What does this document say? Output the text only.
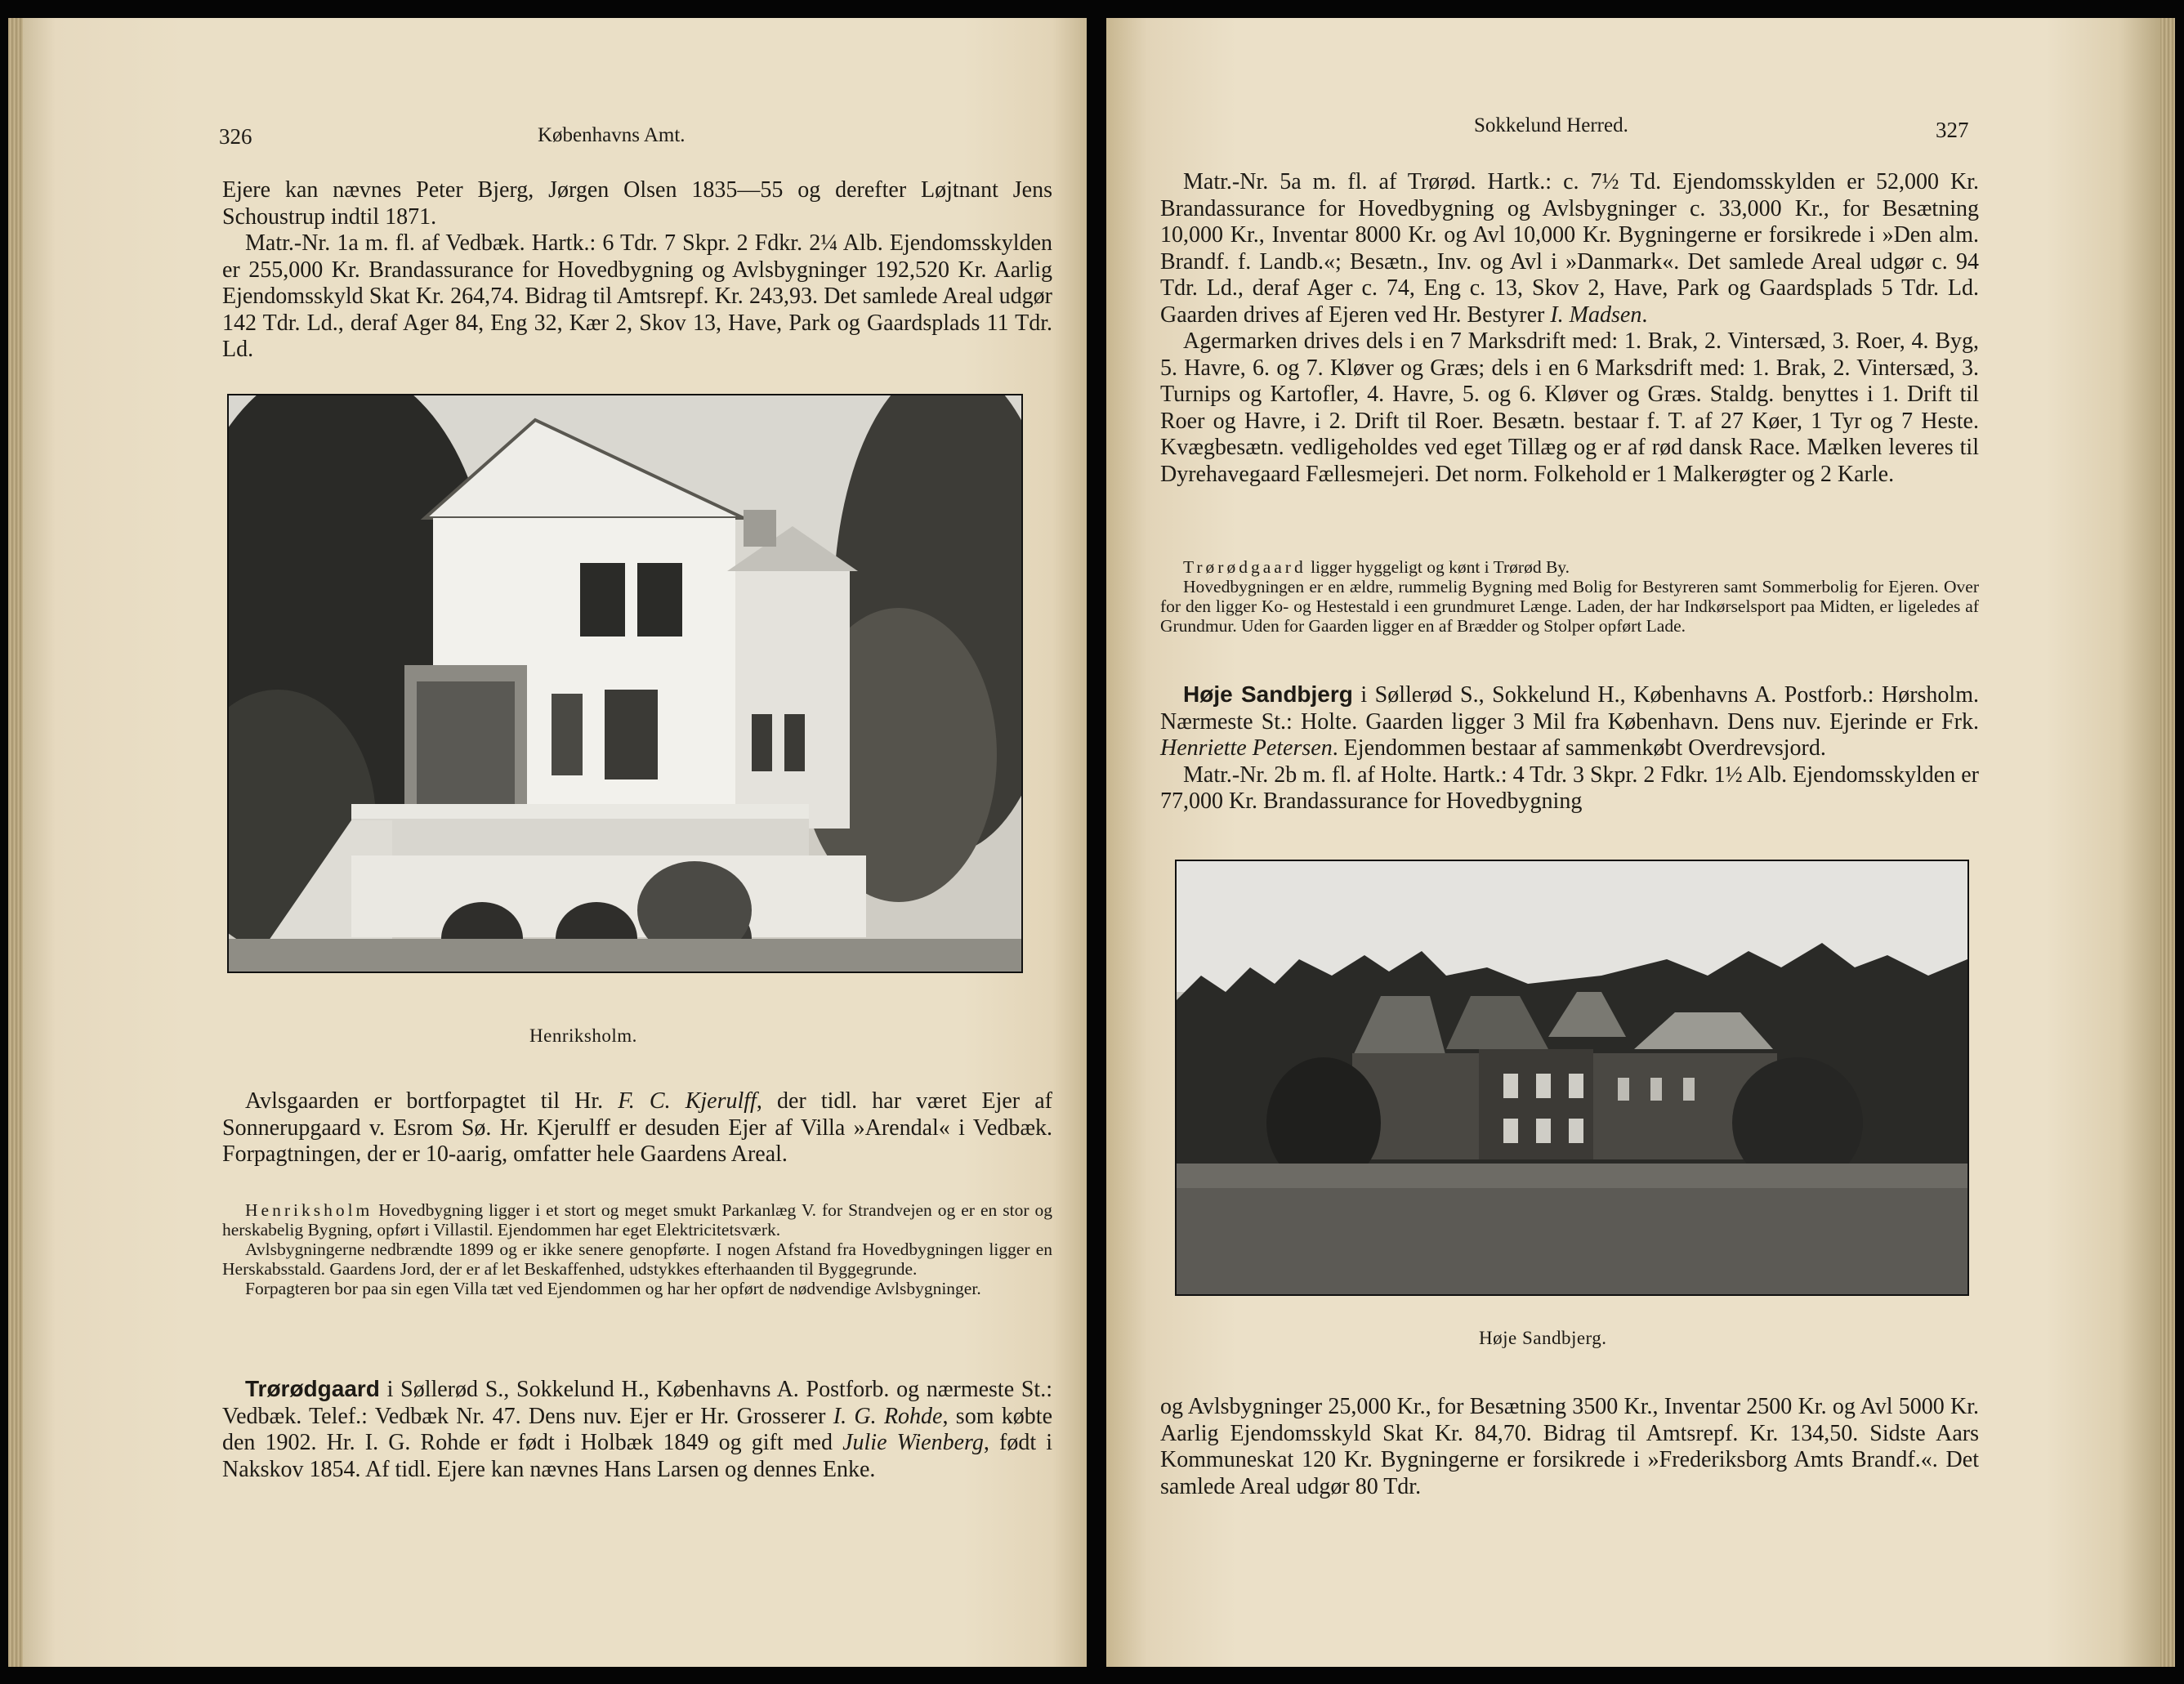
326	Københavns Amt.

Ejere kan nævnes Peter Bjerg, Jørgen Olsen 1835—55 og derefter Løjtnant Jens Schoustrup indtil 1871.

Matr.-Nr. 1a m. fl. af Vedbæk. Hartk.: 6 Tdr. 7 Skpr. 2 Fdkr. 2¼ Alb. Ejendomsskylden er 255,000 Kr. Brandassurance for Hovedbygning og Avlsbygninger 192,520 Kr. Aarlig Ejendomsskyld Skat Kr. 264,74. Bidrag til Amtsrepf. Kr. 243,93. Det samlede Areal udgør 142 Tdr. Ld., deraf Ager 84, Eng 32, Kær 2, Skov 13, Have, Park og Gaardsplads 11 Tdr. Ld.

Henriksholm.

Avlsgaarden er bortforpagtet til Hr. F. C. Kjerulff, der tidl. har været Ejer af Sonnerupgaard v. Esrom Sø. Hr. Kjerulff er desuden Ejer af Villa »Arendal« i Vedbæk. Forpagtningen, der er 10-aarig, omfatter hele Gaardens Areal.

Henriksholm Hovedbygning ligger i et stort og meget smukt Parkanlæg V. for Strandvejen og er en stor og herskabelig Bygning, opført i Villastil. Ejendommen har eget Elektricitetsværk.

Avlsbygningerne nedbrændte 1899 og er ikke senere genopførte. I nogen Afstand fra Hovedbygningen ligger en Herskabsstald. Gaardens Jord, der er af let Beskaffenhed, udstykkes efterhaanden til Byggegrunde.

Forpagteren bor paa sin egen Villa tæt ved Ejendommen og har her opført de nødvendige Avlsbygninger.

Trørødgaard i Søllerød S., Sokkelund H., Københavns A. Postforb. og nærmeste St.: Vedbæk. Telef.: Vedbæk Nr. 47. Dens nuv. Ejer er Hr. Grosserer I. G. Rohde, som købte den 1902. Hr. I. G. Rohde er født i Holbæk 1849 og gift med Julie Wienberg, født i Nakskov 1854. Af tidl. Ejere kan nævnes Hans Larsen og dennes Enke.

Sokkelund Herred.	327

Matr.-Nr. 5a m. fl. af Trørød. Hartk.: c. 7½ Td. Ejendomsskylden er 52,000 Kr. Brandassurance for Hovedbygning og Avlsbygninger c. 33,000 Kr., for Besætning 10,000 Kr., Inventar 8000 Kr. og Avl 10,000 Kr. Bygningerne er forsikrede i »Den alm. Brandf. f. Landb.«; Besætn., Inv. og Avl i »Danmark«. Det samlede Areal udgør c. 94 Tdr. Ld., deraf Ager c. 74, Eng c. 13, Skov 2, Have, Park og Gaardsplads 5 Tdr. Ld. Gaarden drives af Ejeren ved Hr. Bestyrer I. Madsen.

Agermarken drives dels i en 7 Marksdrift med: 1. Brak, 2. Vintersæd, 3. Roer, 4. Byg, 5. Havre, 6. og 7. Kløver og Græs; dels i en 6 Marksdrift med: 1. Brak, 2. Vintersæd, 3. Turnips og Kartofler, 4. Havre, 5. og 6. Kløver og Græs. Staldg. benyttes i 1. Drift til Roer og Havre, i 2. Drift til Roer. Besætn. bestaar f. T. af 27 Køer, 1 Tyr og 7 Heste. Kvægbesætn. vedligeholdes ved eget Tillæg og er af rød dansk Race. Mælken leveres til Dyrehavegaard Fællesmejeri. Det norm. Folkehold er 1 Malkerøgter og 2 Karle.

Trørødgaard ligger hyggeligt og kønt i Trørød By.

Hovedbygningen er en ældre, rummelig Bygning med Bolig for Bestyreren samt Sommerbolig for Ejeren. Over for den ligger Ko- og Hestestald i een grundmuret Længe. Laden, der har Indkørselsport paa Midten, er ligeledes af Grundmur. Uden for Gaarden ligger en af Brædder og Stolper opført Lade.

Høje Sandbjerg i Søllerød S., Sokkelund H., Københavns A. Postforb.: Hørsholm. Nærmeste St.: Holte. Gaarden ligger 3 Mil fra København. Dens nuv. Ejerinde er Frk. Henriette Petersen. Ejendommen bestaar af sammenkøbt Overdrevsjord.

Matr.-Nr. 2b m. fl. af Holte. Hartk.: 4 Tdr. 3 Skpr. 2 Fdkr. 1½ Alb. Ejendomsskylden er 77,000 Kr. Brandassurance for Hovedbygning

Høje Sandbjerg.

og Avlsbygninger 25,000 Kr., for Besætning 3500 Kr., Inventar 2500 Kr. og Avl 5000 Kr. Aarlig Ejendomsskyld Skat Kr. 84,70. Bidrag til Amtsrepf. Kr. 134,50. Sidste Aars Kommuneskat 120 Kr. Bygningerne er forsikrede i »Frederiksborg Amts Brandf.«. Det samlede Areal udgør 80 Tdr.
